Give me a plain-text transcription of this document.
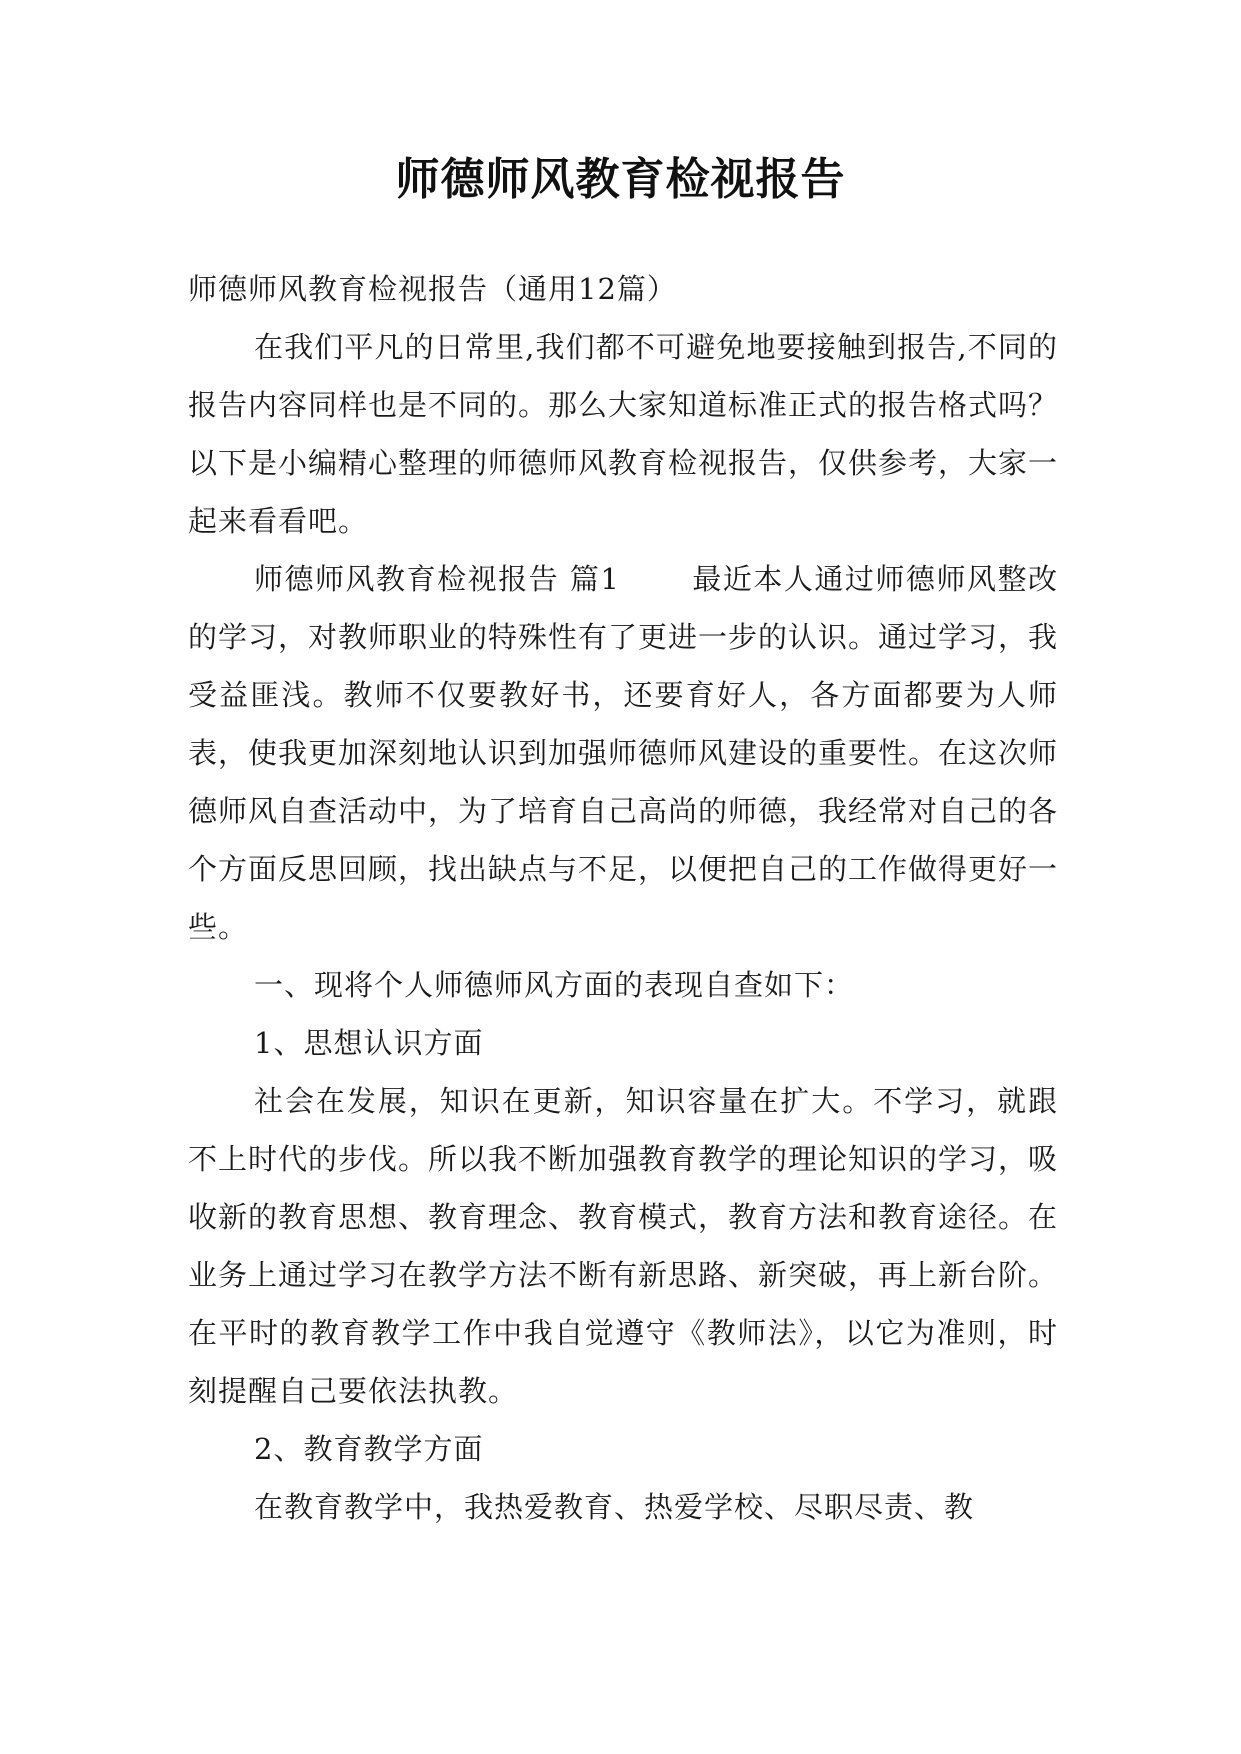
师德师风教育检视报告

师德师风教育检视报告（通用12篇）

在我们平凡的日常里,我们都不可避免地要接触到报告,不同的报告内容同样也是不同的。那么大家知道标准正式的报告格式吗？以下是小编精心整理的师德师风教育检视报告，仅供参考，大家一起来看看吧。

师德师风教育检视报告 篇1 最近本人通过师德师风整改的学习，对教师职业的特殊性有了更进一步的认识。通过学习，我受益匪浅。教师不仅要教好书，还要育好人，各方面都要为人师表，使我更加深刻地认识到加强师德师风建设的重要性。在这次师德师风自查活动中，为了培育自己高尚的师德，我经常对自己的各个方面反思回顾，找出缺点与不足，以便把自己的工作做得更好一些。

一、现将个人师德师风方面的表现自查如下：

1、思想认识方面

社会在发展，知识在更新，知识容量在扩大。不学习，就跟不上时代的步伐。所以我不断加强教育教学的理论知识的学习，吸收新的教育思想、教育理念、教育模式，教育方法和教育途径。在业务上通过学习在教学方法不断有新思路、新突破，再上新台阶。在平时的教育教学工作中我自觉遵守《教师法》，以它为准则，时刻提醒自己要依法执教。

2、教育教学方面

在教育教学中，我热爱教育、热爱学校、尽职尽责、教
